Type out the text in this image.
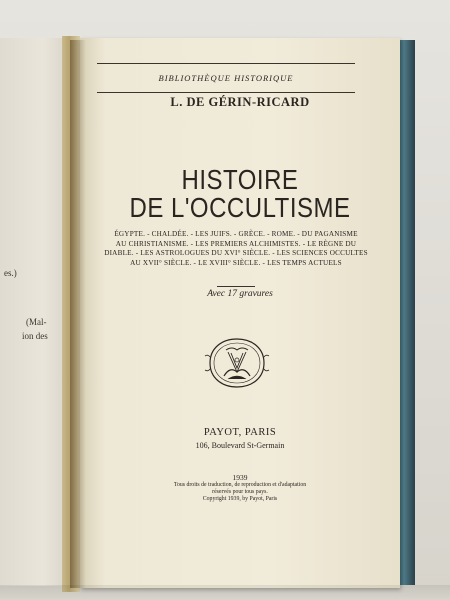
es.)
(Mal-
ion des
BIBLIOTHÈQUE HISTORIQUE
L. DE GÉRIN-RICARD
HISTOIRE
DE L'OCCULTISME
ÉGYPTE. - CHALDÉE. - LES JUIFS. - GRÈCE. - ROME. - DU PAGANISME
AU CHRISTIANISME. - LES PREMIERS ALCHIMISTES. - LE RÈGNE DU
DIABLE. - LES ASTROLOGUES DU XVI° SIÈCLE. - LES SCIENCES OCCULTES
AU XVII° SIÈCLE. - LE XVIII° SIÈCLE. - LES TEMPS ACTUELS
Avec 17 gravures
PAYOT, PARIS
106, Boulevard St-Germain
1939
Tous droits de traduction, de reproduction et d'adaptation
réservés pour tous pays.
Copyright 1939, by Payot, Paris
